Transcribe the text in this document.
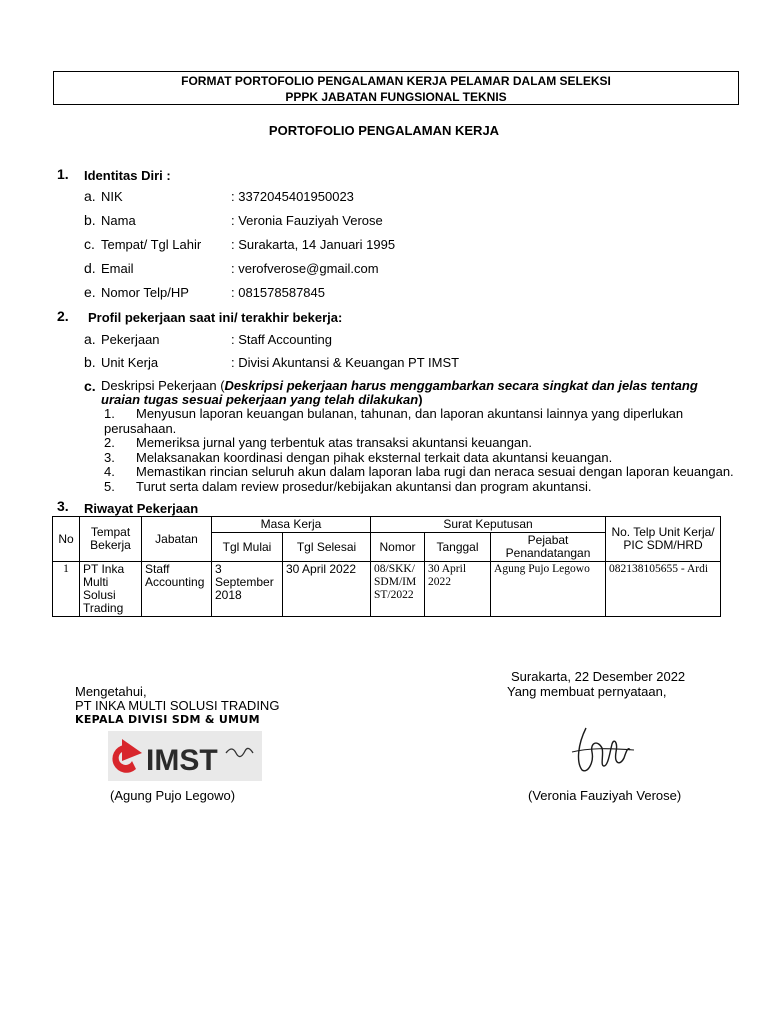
FORMAT PORTOFOLIO PENGALAMAN KERJA PELAMAR DALAM SELEKSI
PPPK JABATAN FUNGSIONAL TEKNIS
PORTOFOLIO PENGALAMAN KERJA
1. Identitas Diri :
a. NIK	: 3372045401950023
b. Nama	: Veronia Fauziyah Verose
c. Tempat/ Tgl Lahir : Surakarta, 14 Januari 1995
d. Email	: verofverose@gmail.com
e. Nomor Telp/HP	: 081578587845
2. Profil pekerjaan saat ini/ terakhir bekerja:
a. Pekerjaan	: Staff Accounting
b. Unit Kerja	: Divisi Akuntansi & Keuangan PT IMST
c. Deskripsi Pekerjaan (Deskripsi pekerjaan harus menggambarkan secara singkat dan jelas tentang
uraian tugas sesuai pekerjaan yang telah dilakukan)
1. Menyusun laporan keuangan bulanan, tahunan, dan laporan akuntansi lainnya yang diperlukan
perusahaan.
2. Memeriksa jurnal yang terbentuk atas transaksi akuntansi keuangan.
3. Melaksanakan koordinasi dengan pihak eksternal terkait data akuntansi keuangan.
4. Memastikan rincian seluruh akun dalam laporan laba rugi dan neraca sesuai dengan laporan keuangan.
5. Turut serta dalam review prosedur/kebijakan akuntansi dan program akuntansi.
3. Riwayat Pekerjaan
No	Tempat Bekerja	Jabatan	Masa Kerja		Surat Keputusan			No. Telp Unit Kerja/ PIC SDM/HRD
			Tgl Mulai	Tgl Selesai	Nomor	Tanggal	Pejabat Penandatangan	
1	PT Inka Multi Solusi Trading	Staff Accounting	3 September 2018	30 April 2022	08/SKK/SDM/IMST/2022	30 April 2022	Agung Pujo Legowo	082138105655 - Ardi
Surakarta, 22 Desember 2022
Yang membuat pernyataan,
Mengetahui,
PT INKA MULTI SOLUSI TRADING
KEPALA DIVISI SDM & UMUM
IMST
(Agung Pujo Legowo)	(Veronia Fauziyah Verose)
